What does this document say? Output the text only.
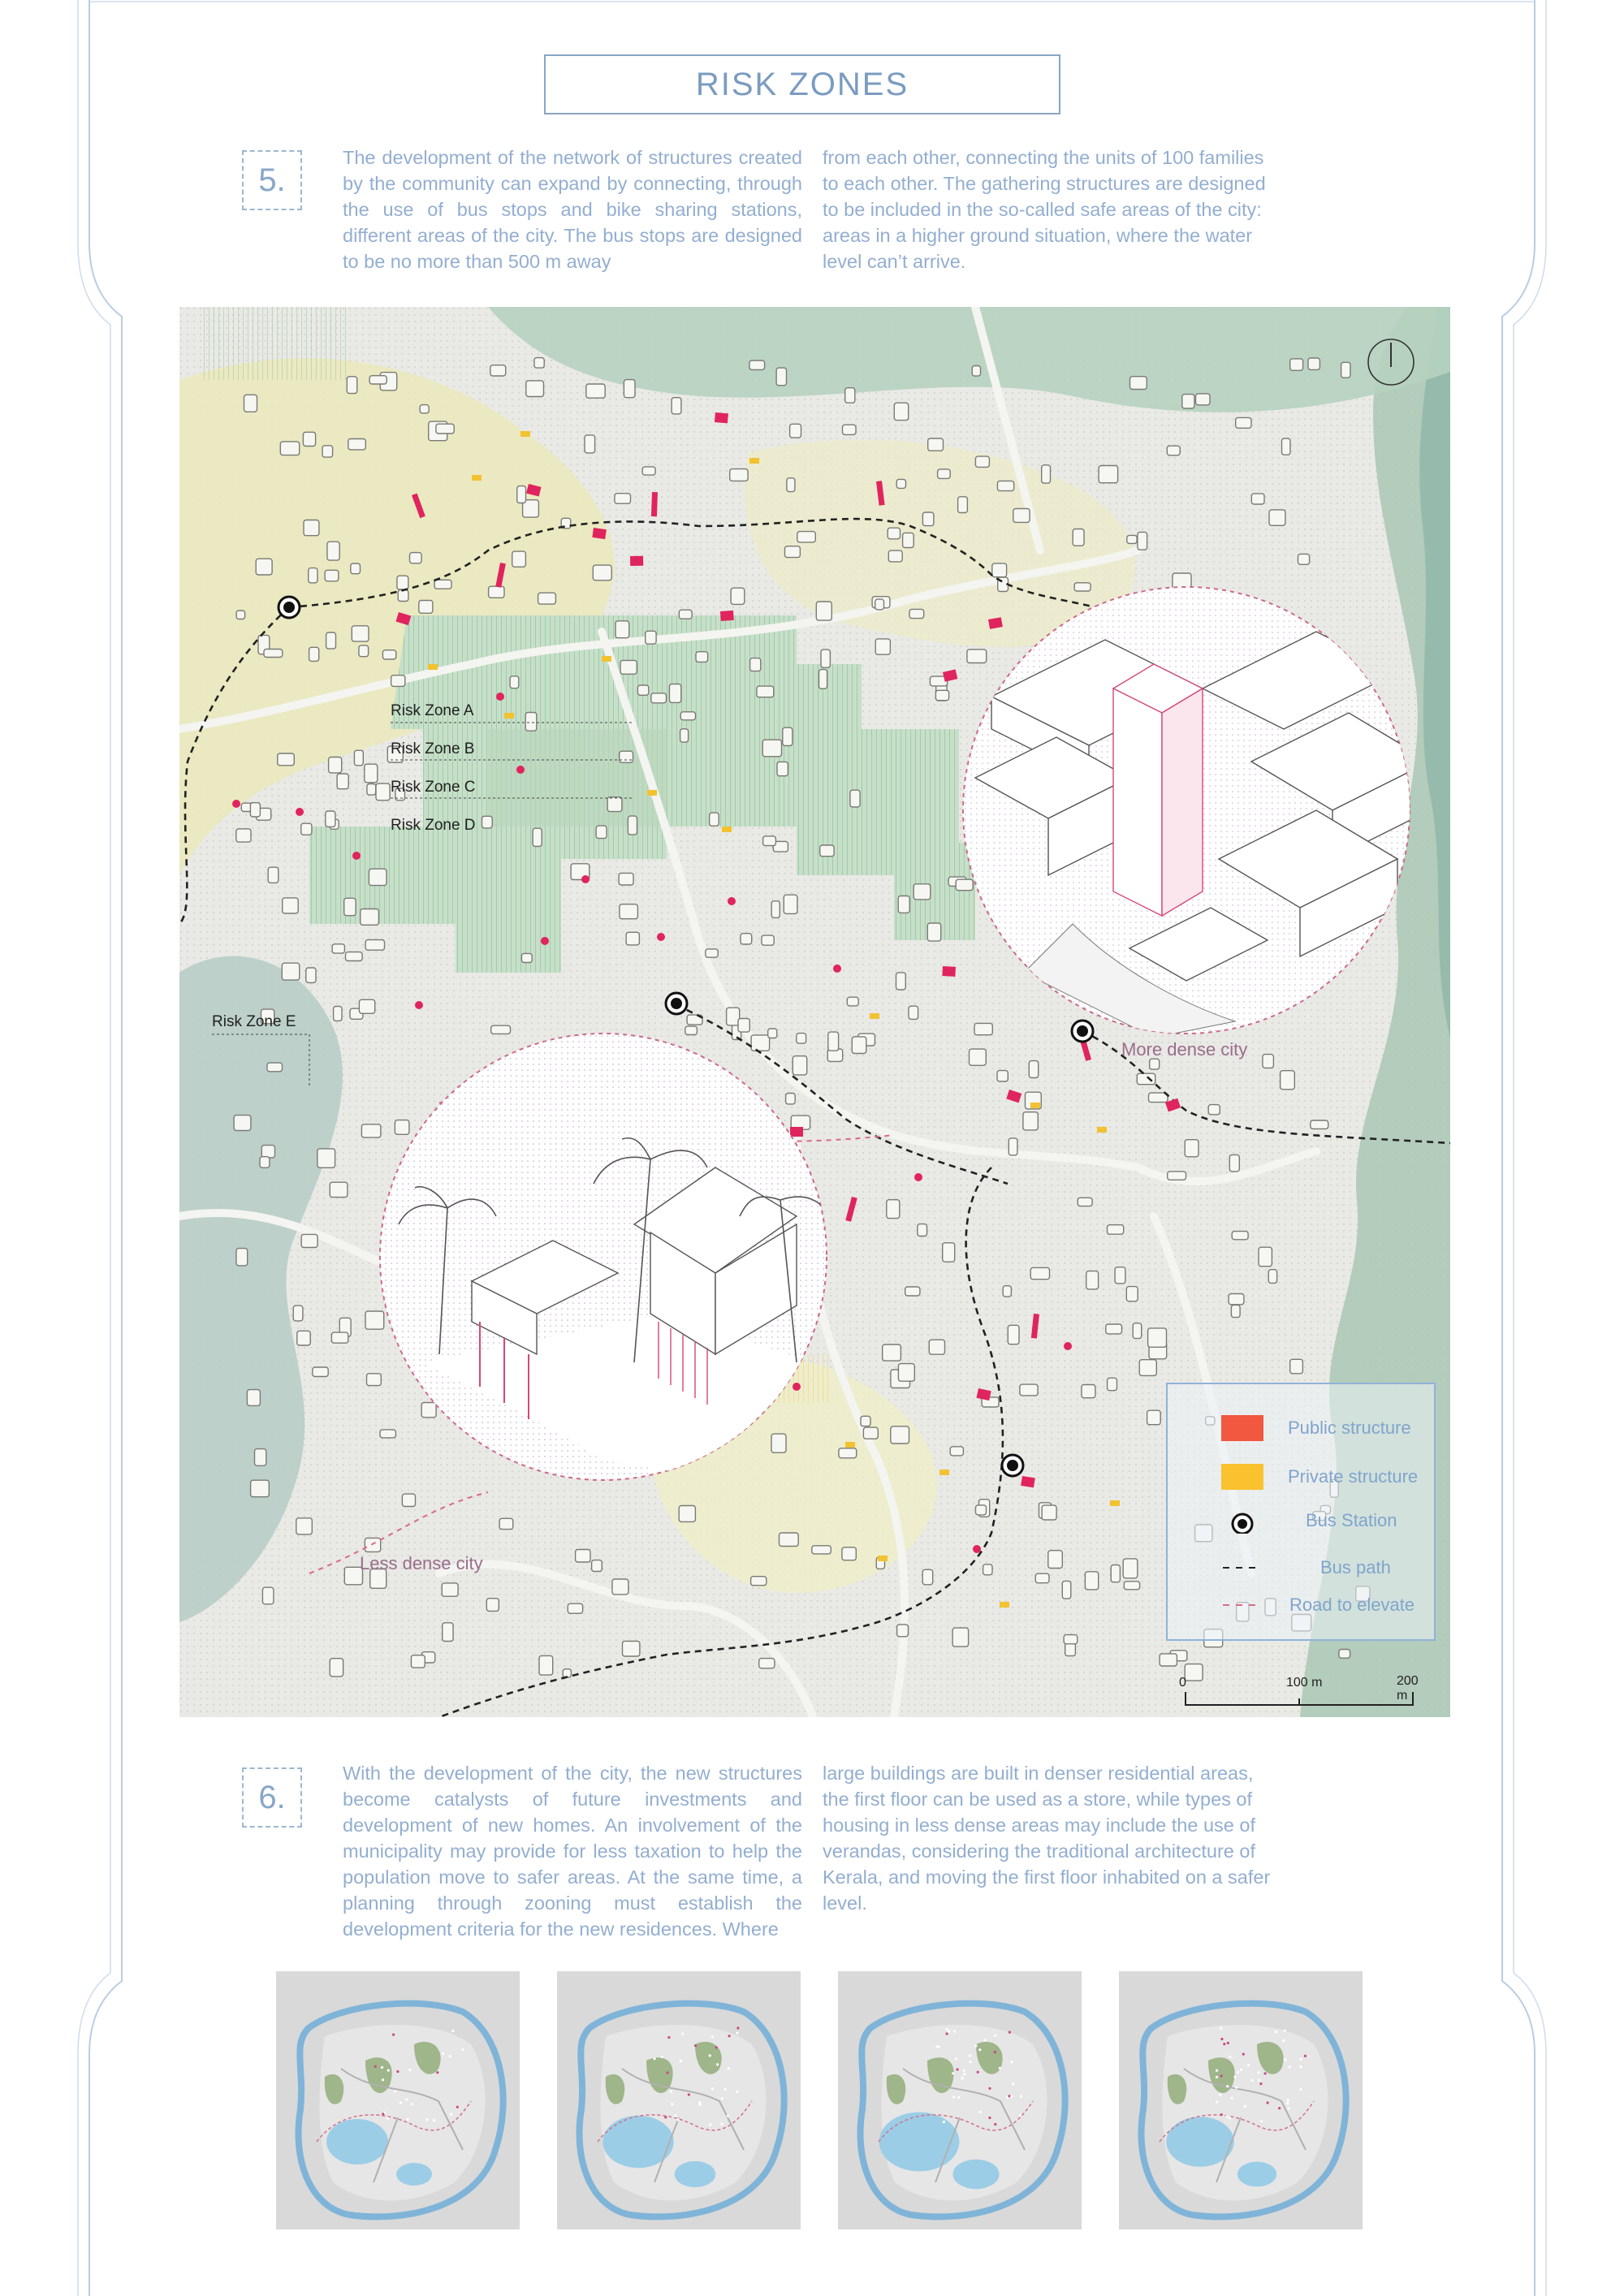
RISK ZONES
5.
The development of the network of structures created by the community can expand by connecting, through the use of bus stops and bike sharing stations, different areas of the city. The bus stops are designed to be no more than 500 m away
from each other, connecting the units of 100 families to each other. The gathering structures are designed to be included in the so-called safe areas of the city: areas in a higher ground situation, where the water level can’t arrive.
Risk Zone A
Risk Zone B
Risk Zone C
Risk Zone D
Risk Zone E
More dense city
Less dense city
Public structure
Private structure
Bus Station
Bus path
Road to elevate
0	100 m	200 m
6.
With the development of the city, the new structures become catalysts of future investments and development of new homes. An involvement of the municipality may provide for less taxation to help the population move to safer areas. At the same time, a planning through zooning must establish the development criteria for the new residences. Where
large buildings are built in denser residential areas, the first floor can be used as a store, while types of housing in less dense areas may include the use of verandas, considering the traditional architecture of Kerala, and moving the first floor inhabited on a safer level.
